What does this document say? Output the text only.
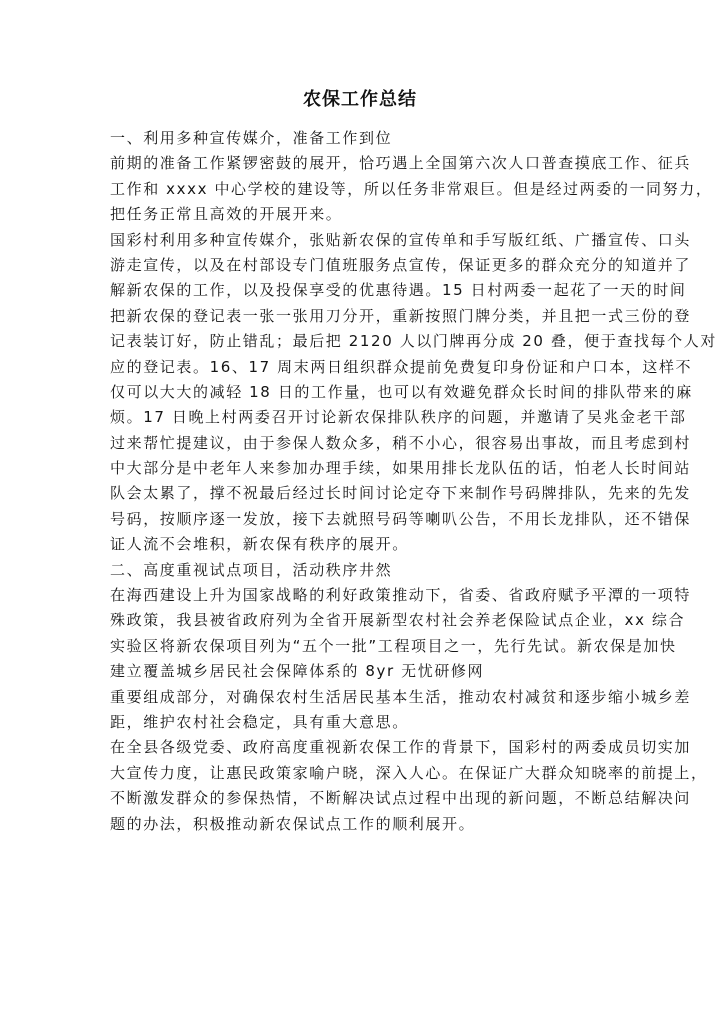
农保工作总结
一、利用多种宣传媒介，准备工作到位
前期的准备工作紧锣密鼓的展开，恰巧遇上全国第六次人口普查摸底工作、征兵
工作和 xxxx 中心学校的建设等，所以任务非常艰巨。但是经过两委的一同努力，
把任务正常且高效的开展开来。
国彩村利用多种宣传媒介，张贴新农保的宣传单和手写版红纸、广播宣传、口头
游走宣传，以及在村部设专门值班服务点宣传，保证更多的群众充分的知道并了
解新农保的工作，以及投保享受的优惠待遇。15 日村两委一起花了一天的时间
把新农保的登记表一张一张用刀分开，重新按照门牌分类，并且把一式三份的登
记表装订好，防止错乱；最后把 2120 人以门牌再分成 20 叠，便于查找每个人对
应的登记表。16、17 周末两日组织群众提前免费复印身份证和户口本，这样不
仅可以大大的减轻 18 日的工作量，也可以有效避免群众长时间的排队带来的麻
烦。17 日晚上村两委召开讨论新农保排队秩序的问题，并邀请了吴兆金老干部
过来帮忙提建议，由于参保人数众多，稍不小心，很容易出事故，而且考虑到村
中大部分是中老年人来参加办理手续，如果用排长龙队伍的话，怕老人长时间站
队会太累了，撑不祝最后经过长时间讨论定夺下来制作号码牌排队，先来的先发
号码，按顺序逐一发放，接下去就照号码等喇叭公告，不用长龙排队，还不错保
证人流不会堆积，新农保有秩序的展开。
二、高度重视试点项目，活动秩序井然
在海西建设上升为国家战略的利好政策推动下，省委、省政府赋予平潭的一项特
殊政策，我县被省政府列为全省开展新型农村社会养老保险试点企业，xx 综合
实验区将新农保项目列为“五个一批”工程项目之一，先行先试。新农保是加快
建立覆盖城乡居民社会保障体系的 8yr 无忧研修网
重要组成部分，对确保农村生活居民基本生活，推动农村减贫和逐步缩小城乡差
距，维护农村社会稳定，具有重大意思。
在全县各级党委、政府高度重视新农保工作的背景下，国彩村的两委成员切实加
大宣传力度，让惠民政策家喻户晓，深入人心。在保证广大群众知晓率的前提上，
不断激发群众的参保热情，不断解决试点过程中出现的新问题，不断总结解决问
题的办法，积极推动新农保试点工作的顺利展开。
